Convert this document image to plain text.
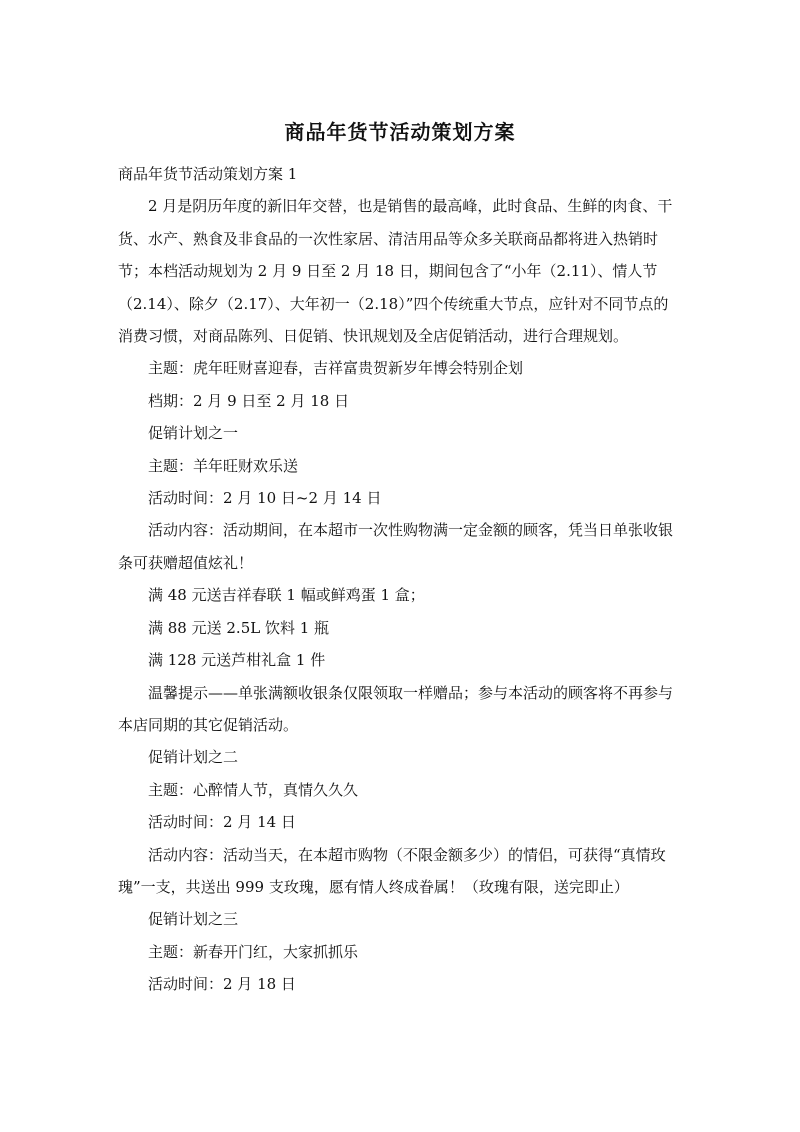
商品年货节活动策划方案

商品年货节活动策划方案 1

2 月是阴历年度的新旧年交替，也是销售的最高峰，此时食品、生鲜的肉食、干货、水产、熟食及非食品的一次性家居、清洁用品等众多关联商品都将进入热销时节；本档活动规划为 2 月 9 日至 2 月 18 日，期间包含了“小年（2.11）、情人节（2.14）、除夕（2.17）、大年初一（2.18）”四个传统重大节点，应针对不同节点的消费习惯，对商品陈列、日促销、快讯规划及全店促销活动，进行合理规划。

主题：虎年旺财喜迎春，吉祥富贵贺新岁年博会特别企划

档期：2 月 9 日至 2 月 18 日

促销计划之一

主题：羊年旺财欢乐送

活动时间：2 月 10 日~2 月 14 日

活动内容：活动期间，在本超市一次性购物满一定金额的顾客，凭当日单张收银条可获赠超值炫礼！

满 48 元送吉祥春联 1 幅或鲜鸡蛋 1 盒；

满 88 元送 2.5L 饮料 1 瓶

满 128 元送芦柑礼盒 1 件

温馨提示——单张满额收银条仅限领取一样赠品；参与本活动的顾客将不再参与本店同期的其它促销活动。

促销计划之二

主题：心醉情人节，真情久久久

活动时间：2 月 14 日

活动内容：活动当天，在本超市购物（不限金额多少）的情侣，可获得“真情玫瑰”一支，共送出 999 支玫瑰，愿有情人终成眷属！（玫瑰有限，送完即止）

促销计划之三

主题：新春开门红，大家抓抓乐

活动时间：2 月 18 日
